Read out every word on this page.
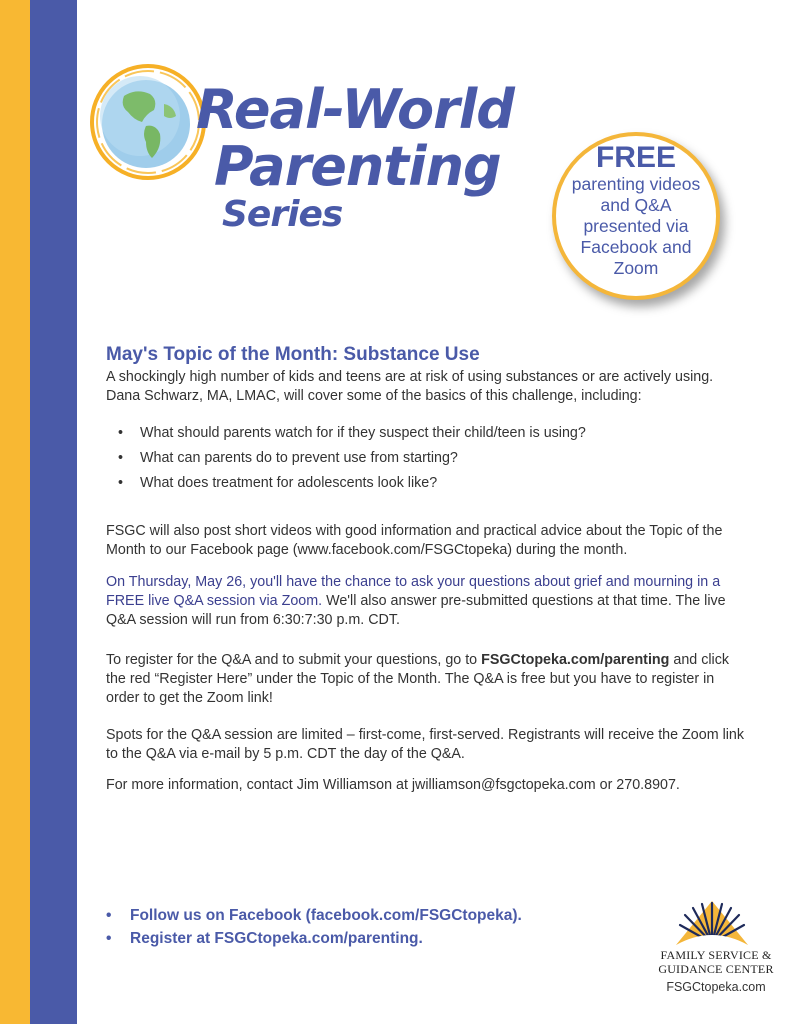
Real-World
Parenting
Series
FREE
parenting videos and Q&A presented via Facebook and Zoom
May's Topic of the Month: Substance Use
A shockingly high number of kids and teens are at risk of using substances or are actively using. Dana Schwarz, MA, LMAC, will cover some of the basics of this challenge, including:
• What should parents watch for if they suspect their child/teen is using?
• What can parents do to prevent use from starting?
• What does treatment for adolescents look like?
FSGC will also post short videos with good information and practical advice about the Topic of the Month to our Facebook page (www.facebook.com/FSGCtopeka) during the month.
On Thursday, May 26, you'll have the chance to ask your questions about grief and mourning in a FREE live Q&A session via Zoom. We'll also answer pre-submitted questions at that time. The live Q&A session will run from 6:30:7:30 p.m. CDT.
To register for the Q&A and to submit your questions, go to FSGCtopeka.com/parenting and click the red “Register Here” under the Topic of the Month. The Q&A is free but you have to register in order to get the Zoom link!
Spots for the Q&A session are limited – first-come, first-served. Registrants will receive the Zoom link to the Q&A via e-mail by 5 p.m. CDT the day of the Q&A.
For more information, contact Jim Williamson at jwilliamson@fsgctopeka.com or 270.8907.
• Follow us on Facebook (facebook.com/FSGCtopeka).
• Register at FSGCtopeka.com/parenting.
FAMILY SERVICE &
GUIDANCE CENTER
FSGCtopeka.com
